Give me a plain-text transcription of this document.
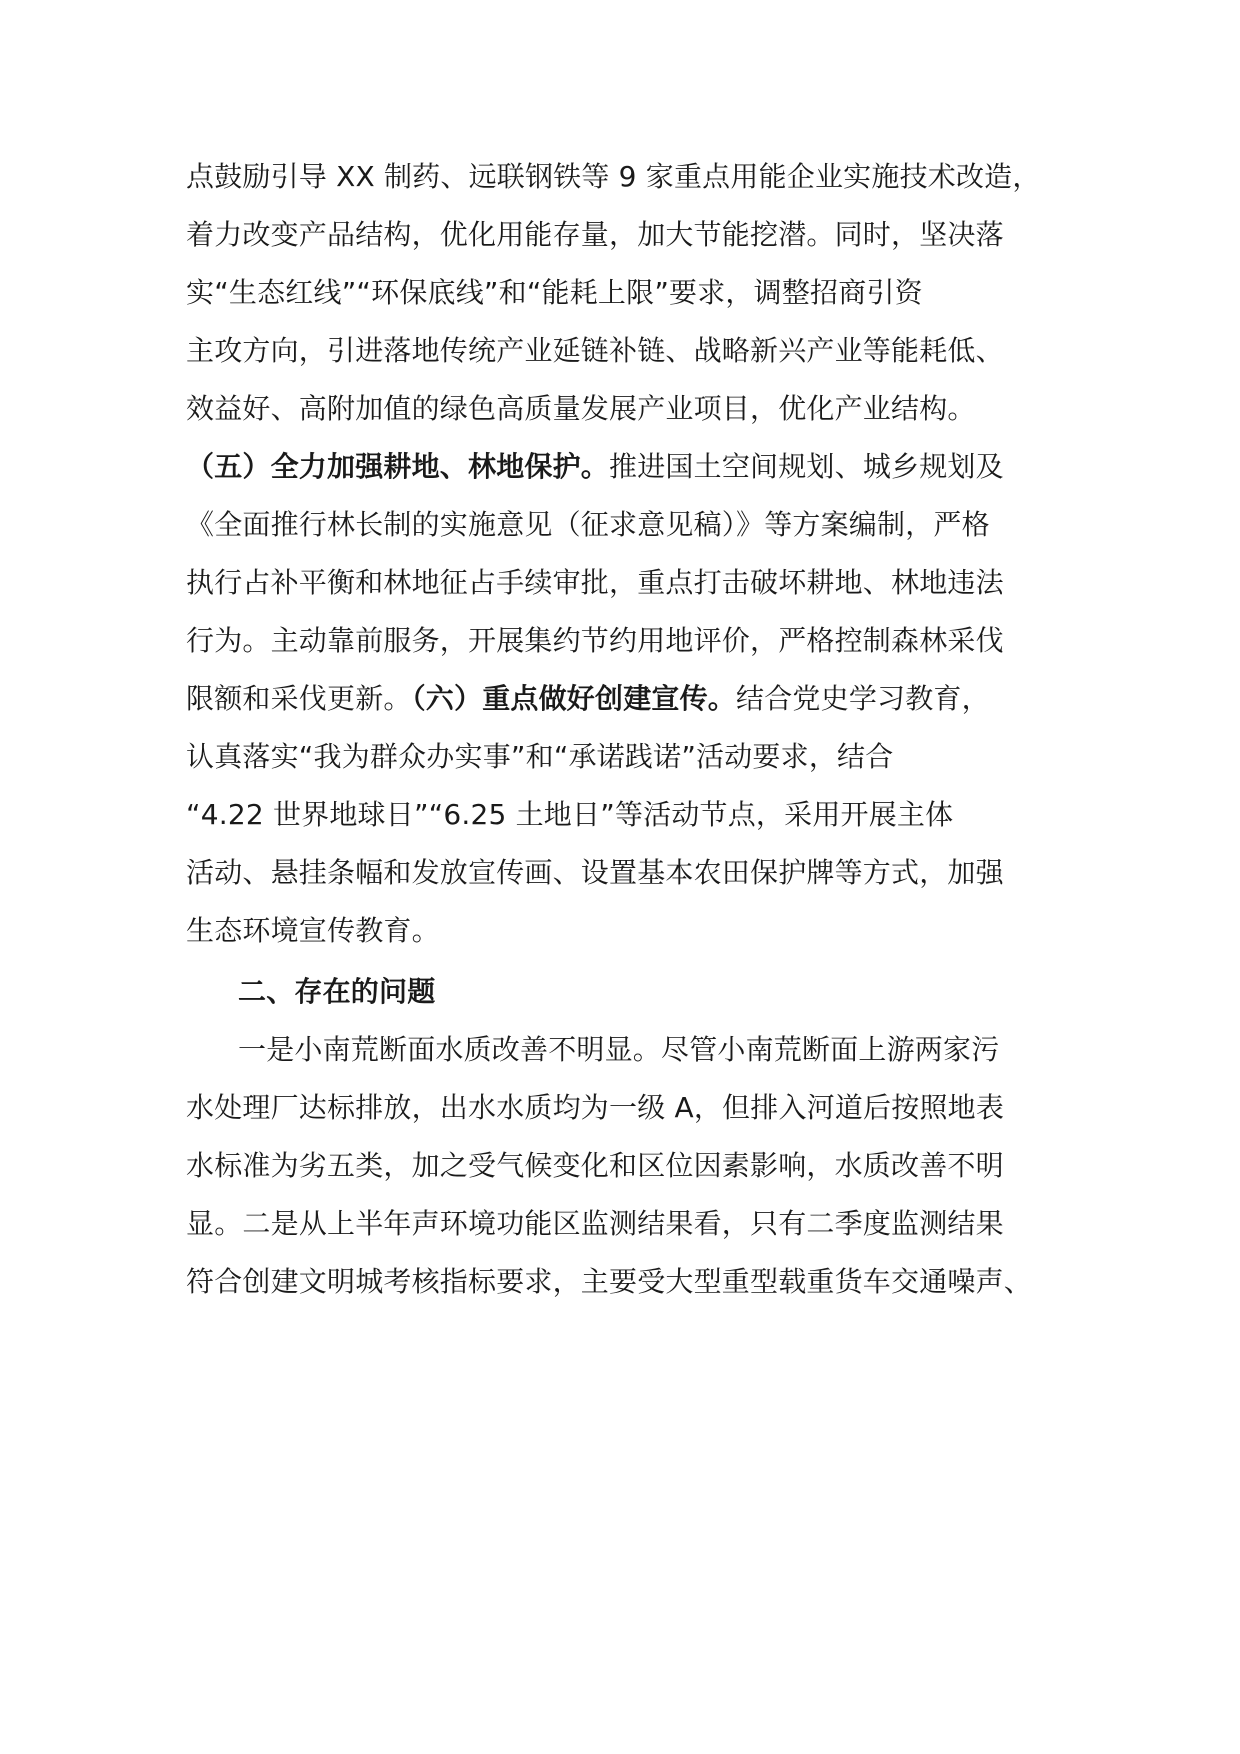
点鼓励引导 XX 制药、远联钢铁等 9 家重点用能企业实施技术改造，
着力改变产品结构，优化用能存量，加大节能挖潜。同时，坚决落
实“生态红线”“环保底线”和“能耗上限”要求，调整招商引资
主攻方向，引进落地传统产业延链补链、战略新兴产业等能耗低、
效益好、高附加值的绿色高质量发展产业项目，优化产业结构。
（五）全力加强耕地、林地保护。推进国土空间规划、城乡规划及
《全面推行林长制的实施意见（征求意见稿）》等方案编制，严格
执行占补平衡和林地征占手续审批，重点打击破坏耕地、林地违法
行为。主动靠前服务，开展集约节约用地评价，严格控制森林采伐
限额和采伐更新。（六）重点做好创建宣传。结合党史学习教育，
认真落实“我为群众办实事”和“承诺践诺”活动要求，结合
“4.22 世界地球日”“6.25 土地日”等活动节点，采用开展主体
活动、悬挂条幅和发放宣传画、设置基本农田保护牌等方式，加强
生态环境宣传教育。
二、存在的问题
一是小南荒断面水质改善不明显。尽管小南荒断面上游两家污
水处理厂达标排放，出水水质均为一级 A，但排入河道后按照地表
水标准为劣五类，加之受气候变化和区位因素影响，水质改善不明
显。二是从上半年声环境功能区监测结果看，只有二季度监测结果
符合创建文明城考核指标要求，主要受大型重型载重货车交通噪声、
